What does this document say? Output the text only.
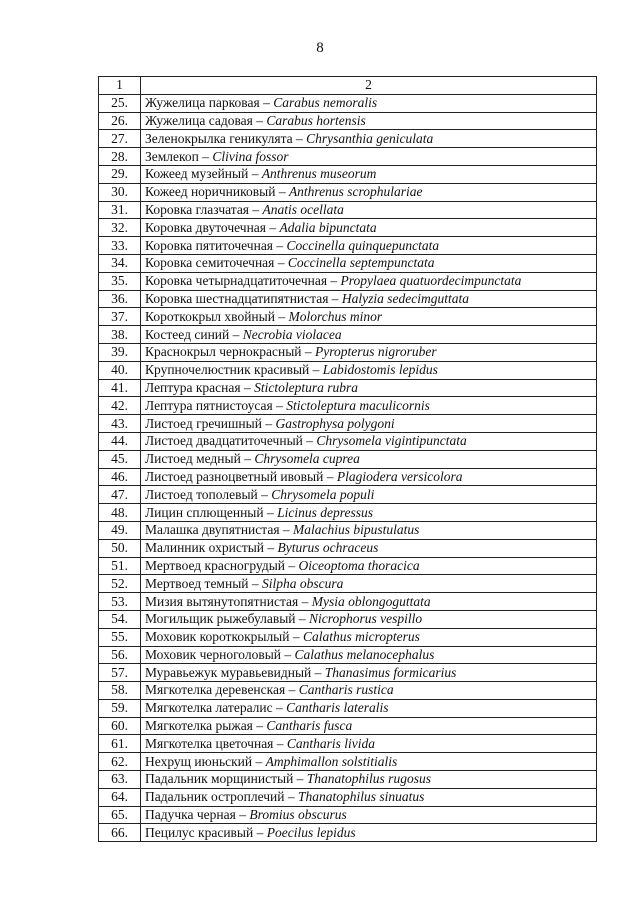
8
1	2
25.	Жужелица парковая – Carabus nemoralis
26.	Жужелица садовая – Carabus hortensis
27.	Зеленокрылка геникулята – Chrysanthia geniculata
28.	Землекоп – Clivina fossor
29.	Кожеед музейный – Anthrenus museorum
30.	Кожеед норичниковый – Anthrenus scrophulariae
31.	Коровка глазчатая – Anatis ocellata
32.	Коровка двуточечная – Adalia bipunctata
33.	Коровка пятиточечная – Coccinella quinquepunctata
34.	Коровка семиточечная – Coccinella septempunctata
35.	Коровка четырнадцатиточечная – Propylaea quatuordecimpunctata
36.	Коровка шестнадцатипятнистая – Halyzia sedecimguttata
37.	Короткокрыл хвойный – Molorchus minor
38.	Костеед синий – Necrobia violacea
39.	Краснокрыл чернокрасный – Pyropterus nigroruber
40.	Крупночелюстник красивый – Labidostomis lepidus
41.	Лептура красная – Stictoleptura rubra
42.	Лептура пятнистоусая – Stictoleptura maculicornis
43.	Листоед гречишный – Gastrophysa polygoni
44.	Листоед двадцатиточечный – Chrysomela vigintipunctata
45.	Листоед медный – Chrysomela cuprea
46.	Листоед разноцветный ивовый – Plagiodera versicolora
47.	Листоед тополевый – Chrysomela populi
48.	Лицин сплющенный – Licinus depressus
49.	Малашка двупятнистая – Malachius bipustulatus
50.	Малинник охристый – Byturus ochraceus
51.	Мертвоед красногрудый – Oiceoptoma thoracica
52.	Мертвоед темный – Silpha obscura
53.	Мизия вытянутопятнистая – Mysia oblongoguttata
54.	Могильщик рыжебулавый – Nicrophorus vespillo
55.	Моховик короткокрылый – Calathus micropterus
56.	Моховик черноголовый – Calathus melanocephalus
57.	Муравьежук муравьевидный – Thanasimus formicarius
58.	Мягкотелка деревенская – Cantharis rustica
59.	Мягкотелка латералис – Cantharis lateralis
60.	Мягкотелка рыжая – Cantharis fusca
61.	Мягкотелка цветочная – Cantharis livida
62.	Нехрущ июньский – Amphimallon solstitialis
63.	Падальник морщинистый – Thanatophilus rugosus
64.	Падальник остроплечий – Thanatophilus sinuatus
65.	Падучка черная – Bromius obscurus
66.	Пецилус красивый – Poecilus lepidus
